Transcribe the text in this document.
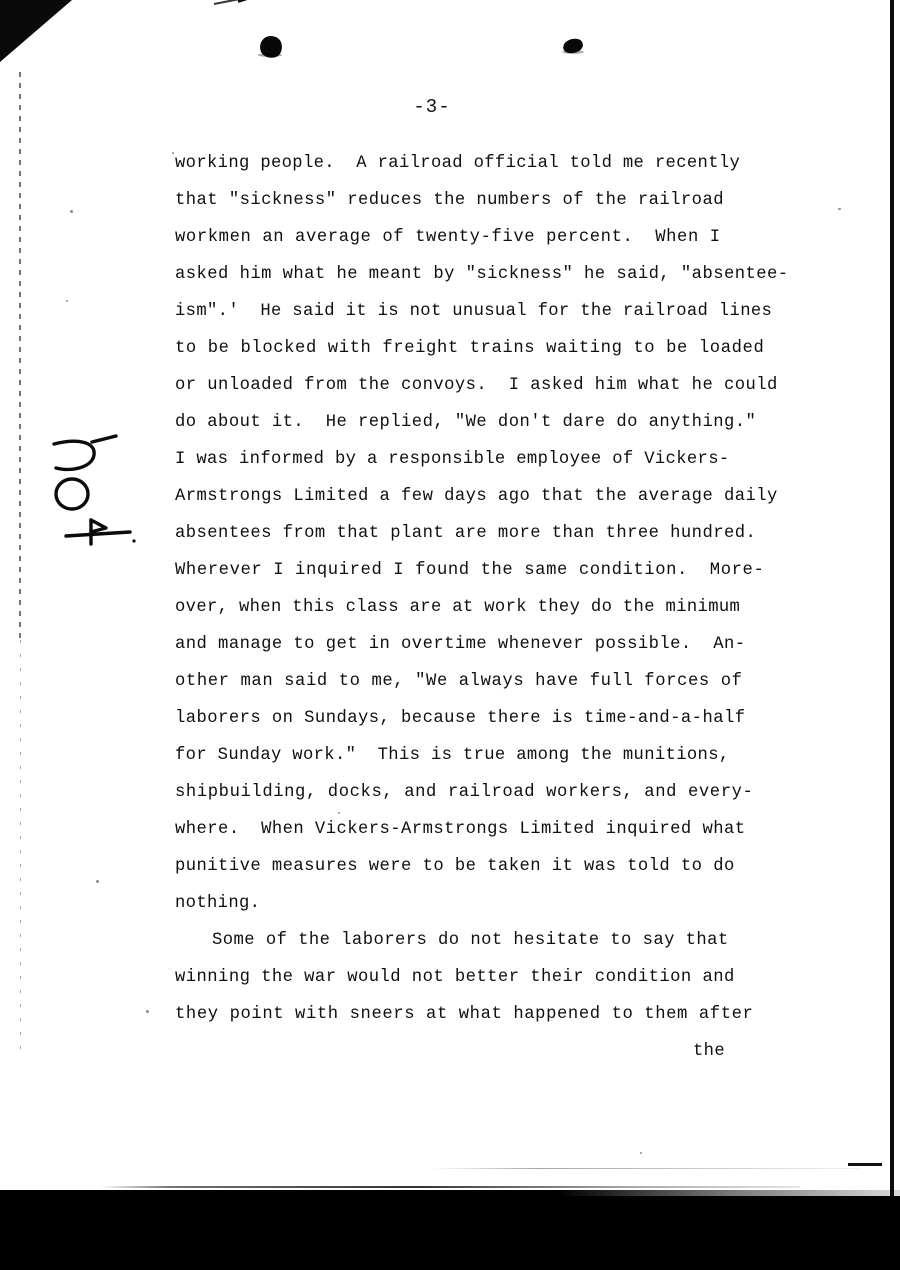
-3-
working people.  A railroad official told me recently
that "sickness" reduces the numbers of the railroad
workmen an average of twenty-five percent.  When I
asked him what he meant by "sickness" he said, "absentee-
ism".'  He said it is not unusual for the railroad lines
to be blocked with freight trains waiting to be loaded
or unloaded from the convoys.  I asked him what he could
do about it.  He replied, "We don't dare do anything."
I was informed by a responsible employee of Vickers-
Armstrongs Limited a few days ago that the average daily
absentees from that plant are more than three hundred.
Wherever I inquired I found the same condition.  More-
over, when this class are at work they do the minimum
and manage to get in overtime whenever possible.  An-
other man said to me, "We always have full forces of
laborers on Sundays, because there is time-and-a-half
for Sunday work."  This is true among the munitions,
shipbuilding, docks, and railroad workers, and every-
where.  When Vickers-Armstrongs Limited inquired what
punitive measures were to be taken it was told to do
nothing.
Some of the laborers do not hesitate to say that
winning the war would not better their condition and
they point with sneers at what happened to them after
the
